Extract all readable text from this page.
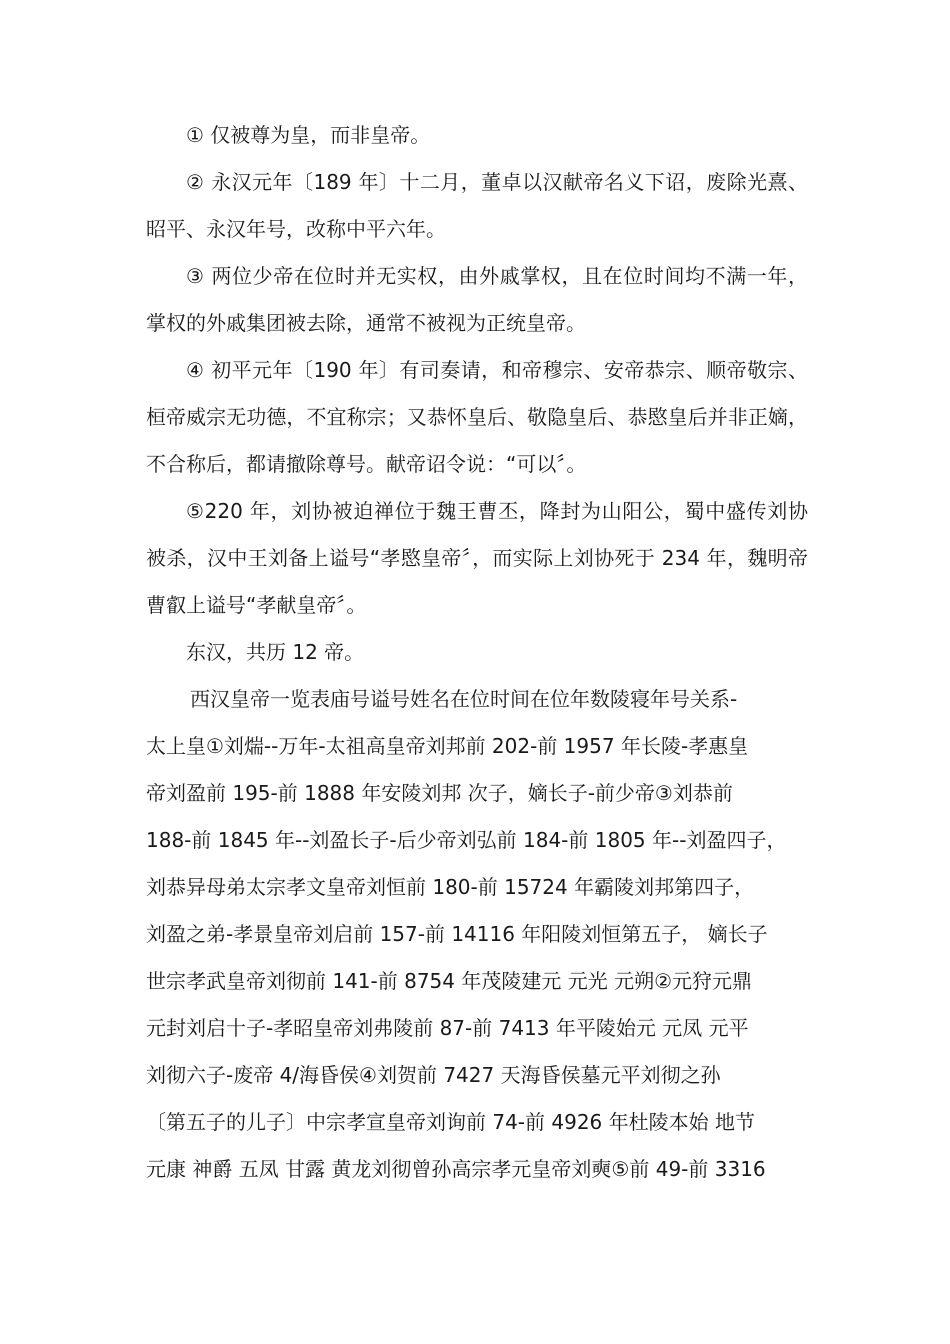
① 仅被尊为皇，而非皇帝。

② 永汉元年〔189 年〕十二月，董卓以汉献帝名义下诏，废除光熹、昭平、永汉年号，改称中平六年。

③ 两位少帝在位时并无实权，由外戚掌权，且在位时间均不满一年，掌权的外戚集团被去除，通常不被视为正统皇帝。

④ 初平元年〔190 年〕有司奏请，和帝穆宗、安帝恭宗、顺帝敬宗、桓帝威宗无功德，不宜称宗；又恭怀皇后、敬隐皇后、恭愍皇后并非正嫡，不合称后，都请撤除尊号。献帝诏令说：“可以〞。

⑤220 年，刘协被迫禅位于魏王曹丕，降封为山阳公，蜀中盛传刘协被杀，汉中王刘备上谥号“孝愍皇帝〞，而实际上刘协死于 234 年，魏明帝曹叡上谥号“孝献皇帝〞。

东汉，共历 12 帝。

西汉皇帝一览表庙号谥号姓名在位时间在位年数陵寝年号关系-

太上皇①刘煓--万年-太祖高皇帝刘邦前 202-前 1957 年长陵-孝惠皇

帝刘盈前 195-前 1888 年安陵刘邦 次子，嫡长子-前少帝③刘恭前

188-前 1845 年--刘盈长子-后少帝刘弘前 184-前 1805 年--刘盈四子，

刘恭异母弟太宗孝文皇帝刘恒前 180-前 15724 年霸陵刘邦第四子，

刘盈之弟-孝景皇帝刘启前 157-前 14116 年阳陵刘恒第五子， 嫡长子

世宗孝武皇帝刘彻前 141-前 8754 年茂陵建元 元光 元朔②元狩元鼎

元封刘启十子-孝昭皇帝刘弗陵前 87-前 7413 年平陵始元 元凤 元平

刘彻六子-废帝 4/海昏侯④刘贺前 7427 天海昏侯墓元平刘彻之孙

〔第五子的儿子〕中宗孝宣皇帝刘询前 74-前 4926 年杜陵本始 地节

元康 神爵 五凤 甘露 黄龙刘彻曾孙高宗孝元皇帝刘奭⑤前 49-前 3316
